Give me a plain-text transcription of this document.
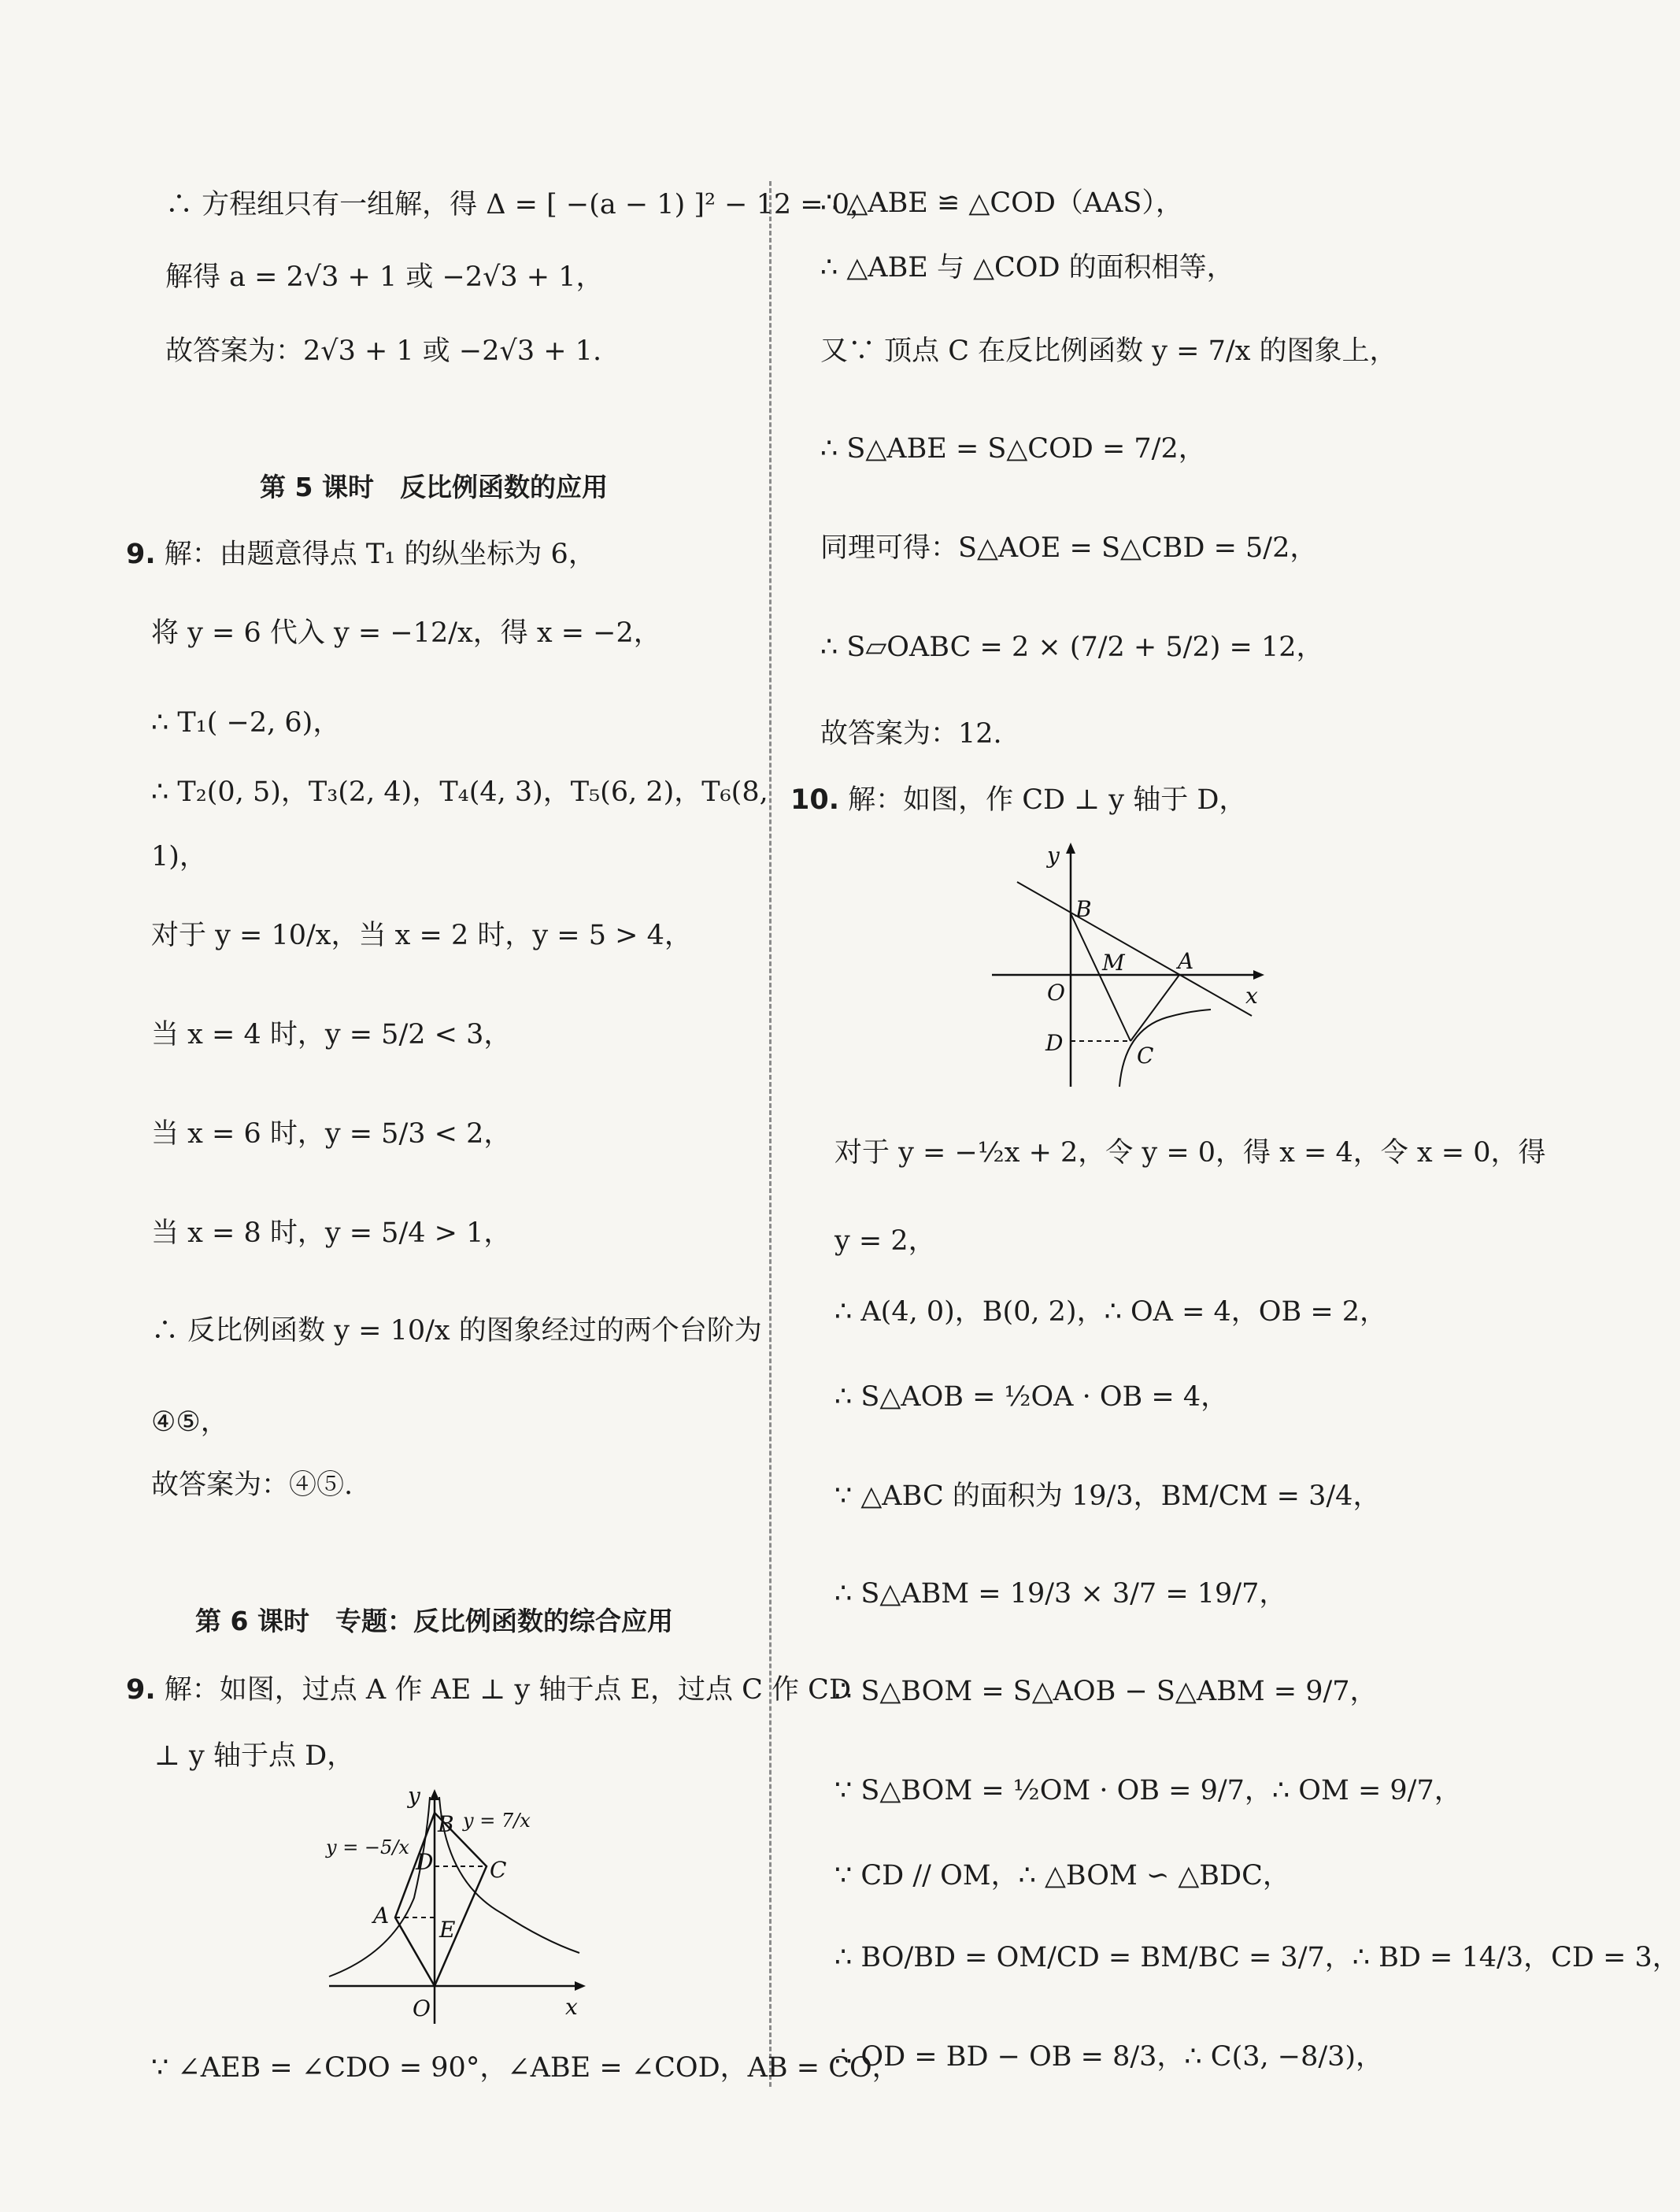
∴ 方程组只有一组解，得 Δ = [ −(a − 1) ]² − 12 = 0，
解得 a = 2√3 + 1 或 −2√3 + 1，
故答案为：2√3 + 1 或 −2√3 + 1.
第 5 课时　反比例函数的应用
9. 解：由题意得点 T₁ 的纵坐标为 6，
将 y = 6 代入 y = −12/x，得 x = −2，
∴ T₁( −2, 6)，
∴ T₂(0, 5)，T₃(2, 4)，T₄(4, 3)，T₅(6, 2)，T₆(8,
1)，
对于 y = 10/x，当 x = 2 时，y = 5 > 4，
当 x = 4 时，y = 5/2 < 3，
当 x = 6 时，y = 5/3 < 2，
当 x = 8 时，y = 5/4 > 1，
∴ 反比例函数 y = 10/x 的图象经过的两个台阶为
④⑤，
故答案为：④⑤.
第 6 课时　专题：反比例函数的综合应用
9. 解：如图，过点 A 作 AE ⊥ y 轴于点 E，过点 C 作 CD
⊥ y 轴于点 D，
y
x
O
B
A
C
D
E
y = −5/x
y = 7/x
∵ ∠AEB = ∠CDO = 90°，∠ABE = ∠COD，AB = CO，
∴ △ABE ≌ △COD（AAS），
∴ △ABE 与 △COD 的面积相等，
又∵ 顶点 C 在反比例函数 y = 7/x 的图象上，
∴ S△ABE = S△COD = 7/2，
同理可得：S△AOE = S△CBD = 5/2，
∴ S▱OABC = 2 × (7/2 + 5/2) = 12，
故答案为：12.
10. 解：如图，作 CD ⊥ y 轴于 D，
y
x
O
B
M A
D	C
对于 y = −½x + 2，令 y = 0，得 x = 4，令 x = 0，得
y = 2，
∴ A(4, 0)，B(0, 2)，∴ OA = 4，OB = 2，
∴ S△AOB = ½OA · OB = 4，
∵ △ABC 的面积为 19/3，BM/CM = 3/4，
∴ S△ABM = 19/3 × 3/7 = 19/7，
∴ S△BOM = S△AOB − S△ABM = 9/7，
∵ S△BOM = ½OM · OB = 9/7，∴ OM = 9/7，
∵ CD // OM，∴ △BOM ∽ △BDC，
∴ BO/BD = OM/CD = BM/BC = 3/7，∴ BD = 14/3，CD = 3，
∴ OD = BD − OB = 8/3，∴ C(3, −8/3)，
